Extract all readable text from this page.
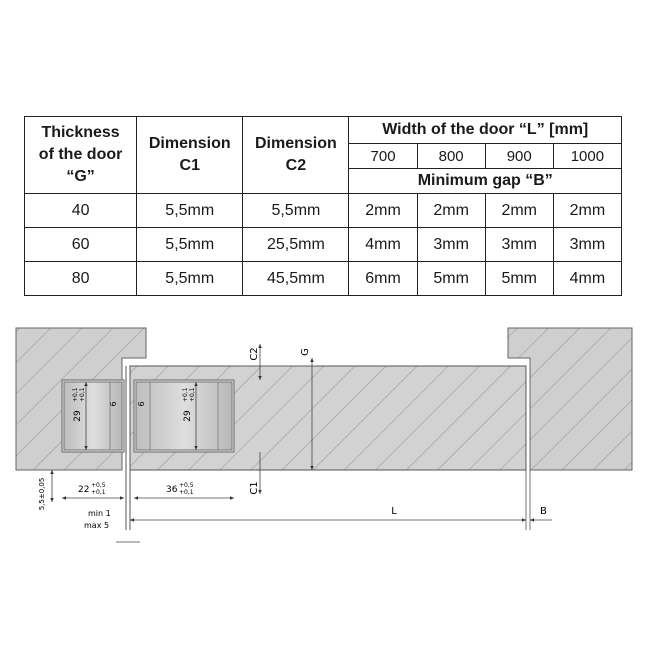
Thickness of the door “G”	Dimension C1	Dimension C2	Width of the door “L” [mm]			
			700	800	900	1000
			Minimum gap “B”			
40	5,5mm	5,5mm	2mm	2mm	2mm	2mm
60	5,5mm	25,5mm	4mm	3mm	3mm	3mm
80	5,5mm	45,5mm	6mm	5mm	5mm	4mm
29
+0,1 +0,1
29
+0,1 +0,1
6 6
C2	G
C1
5,5±0,05	22 +0,5
+0,1	36 +0,5
+0,1
L	B
min 1
max 5
